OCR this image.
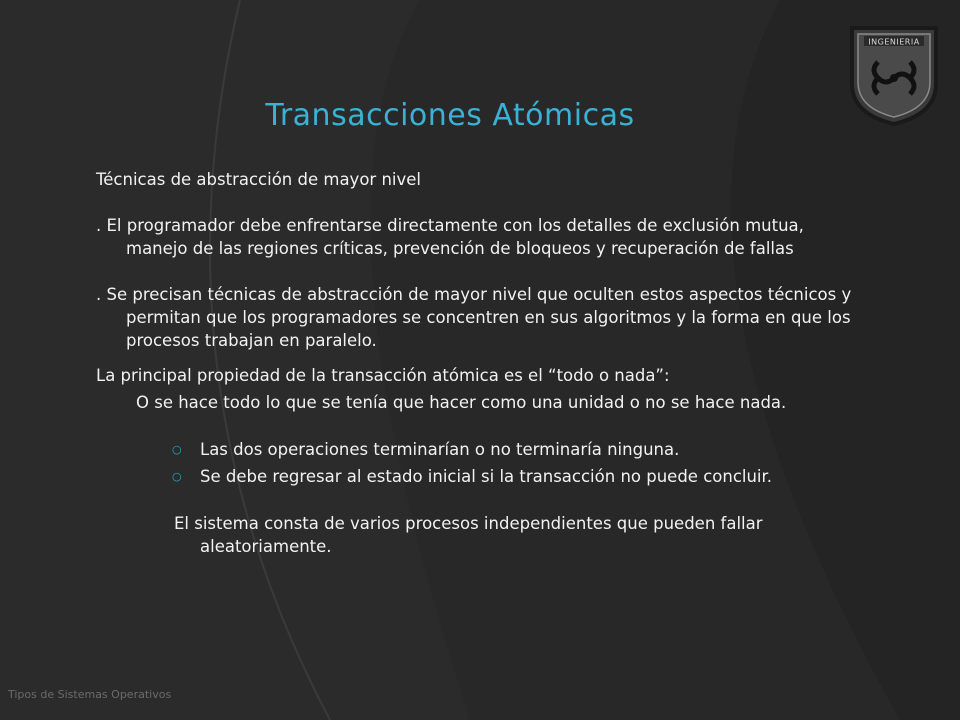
INGENIERIA
Transacciones Atómicas

Técnicas de abstracción de mayor nivel

. El programador debe enfrentarse directamente con los detalles de exclusión mutua, manejo de las regiones críticas, prevención de bloqueos y recuperación de fallas

. Se precisan técnicas de abstracción de mayor nivel que oculten estos aspectos técnicos y permitan que los programadores se concentren en sus algoritmos y la forma en que los procesos trabajan en paralelo.

La principal propiedad de la transacción atómica es el “todo o nada”:

O se hace todo lo que se tenía que hacer como una unidad o no se hace nada.

○ Las dos operaciones terminarían o no terminaría ninguna.
○ Se debe regresar al estado inicial si la transacción no puede concluir.

El sistema consta de varios procesos independientes que pueden fallar aleatoriamente.

Tipos de Sistemas Operativos
